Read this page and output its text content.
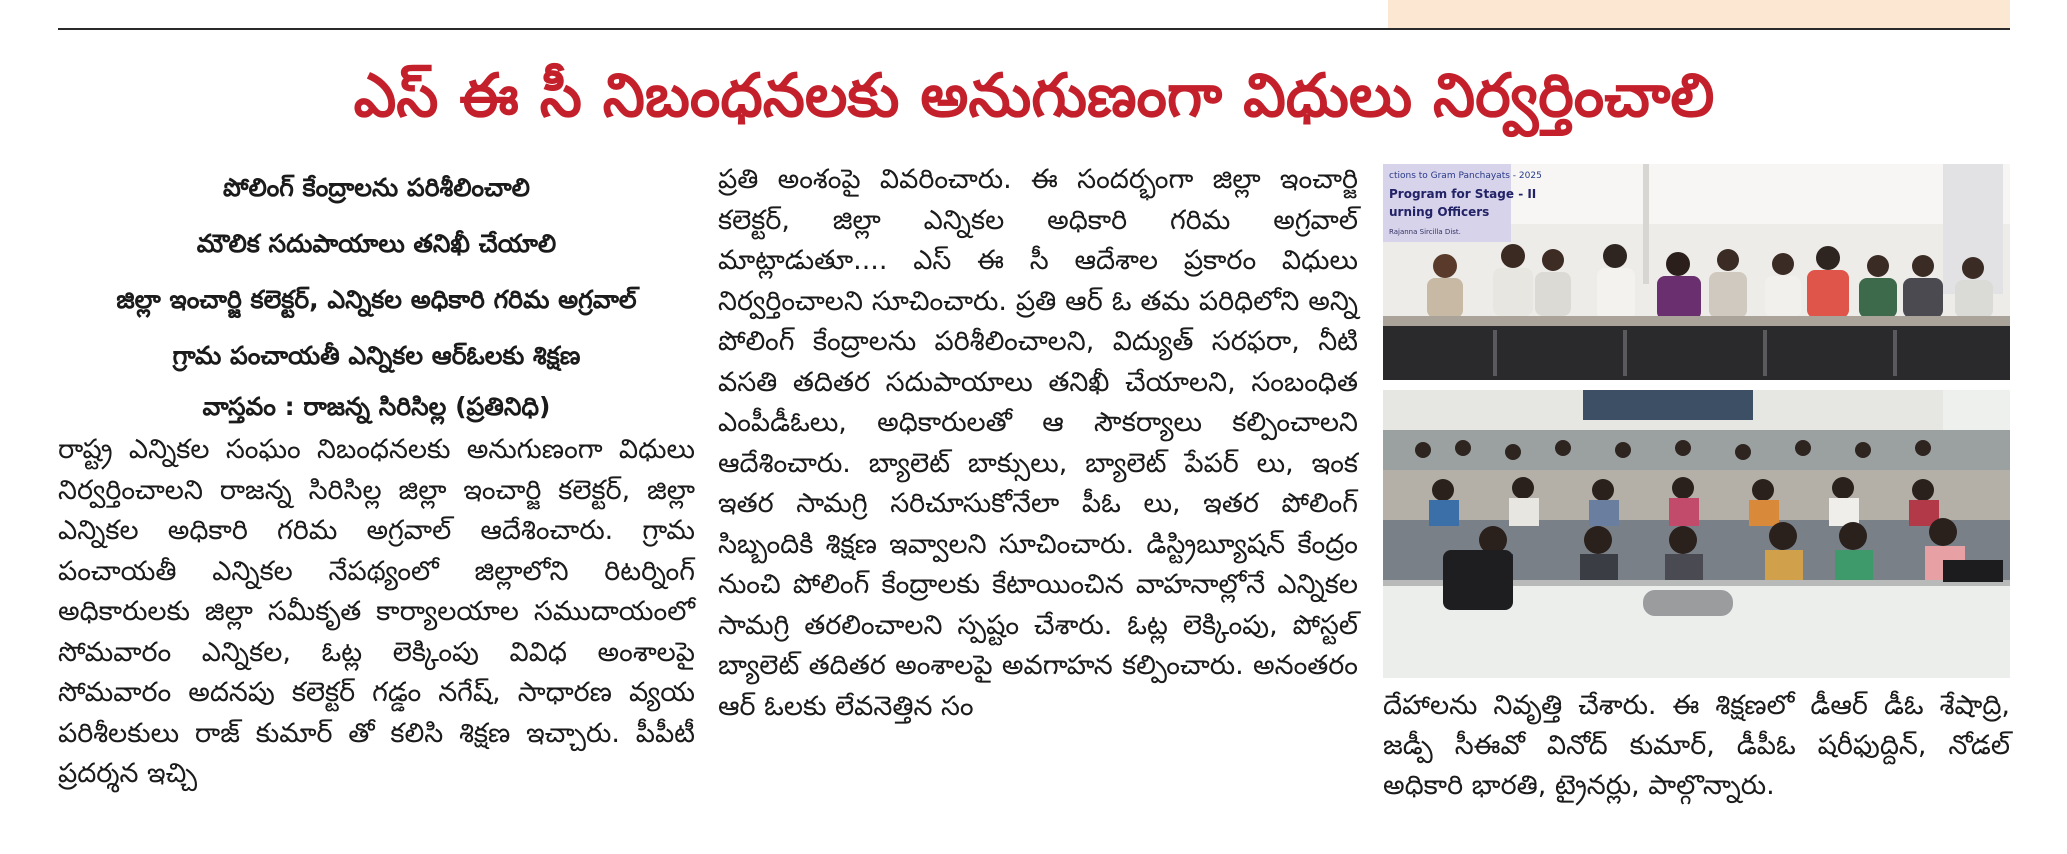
ఎస్ ఈ సీ నిబంధనలకు అనుగుణంగా విధులు నిర్వర్తించాలి
పోలింగ్ కేంద్రాలను పరిశీలించాలి
మౌలిక సదుపాయాలు తనిఖీ చేయాలి
జిల్లా ఇంచార్జి కలెక్టర్, ఎన్నికల అధికారి గరిమ అగ్రవాల్
గ్రామ పంచాయతీ ఎన్నికల ఆర్ఓలకు శిక్షణ
వాస్తవం : రాజన్న సిరిసిల్ల (ప్రతినిధి)
రాష్ట్ర ఎన్నికల సంఘం నిబంధనలకు అనుగుణంగా విధులు నిర్వర్తించాలని రాజన్న సిరిసిల్ల జిల్లా ఇంచార్జి కలెక్టర్, జిల్లా ఎన్నికల అధికారి గరిమ అగ్రవాల్ ఆదేశించారు. గ్రామ పంచాయతీ ఎన్నికల నేపథ్యంలో జిల్లాలోని రిటర్నింగ్ అధికారులకు జిల్లా సమీకృత కార్యాలయాల సముదాయంలో సోమవారం ఎన్నికల, ఓట్ల లెక్కింపు వివిధ అంశాలపై సోమవారం అదనపు కలెక్టర్ గడ్డం నగేష్, సాధారణ వ్యయ పరిశీలకులు రాజ్ కుమార్ తో కలిసి శిక్షణ ఇచ్చారు. పీపీటీ ప్రదర్శన ఇచ్చి
ప్రతి అంశంపై వివరించారు. ఈ సందర్భంగా జిల్లా ఇంచార్జి కలెక్టర్, జిల్లా ఎన్నికల అధికారి గరిమ అగ్రవాల్ మాట్లాడుతూ.... ఎస్ ఈ సీ ఆదేశాల ప్రకారం విధులు నిర్వర్తించాలని సూచించారు. ప్రతి ఆర్ ఓ తమ పరిధిలోని అన్ని పోలింగ్ కేంద్రాలను పరిశీలించాలని, విద్యుత్ సరఫరా, నీటి వసతి తదితర సదుపాయాలు తనిఖీ చేయాలని, సంబంధిత ఎంపీడీఓలు, అధికారులతో ఆ సౌకర్యాలు కల్పించాలని ఆదేశించారు. బ్యాలెట్ బాక్సులు, బ్యాలెట్ పేపర్ లు, ఇంక ఇతర సామగ్రి సరిచూసుకోనేలా పీఓ లు, ఇతర పోలింగ్ సిబ్బందికి శిక్షణ ఇవ్వాలని సూచించారు. డిస్ట్రిబ్యూషన్ కేంద్రం నుంచి పోలింగ్ కేంద్రాలకు కేటాయించిన వాహనాల్లోనే ఎన్నికల సామగ్రి తరలించాలని స్పష్టం చేశారు. ఓట్ల లెక్కింపు, పోస్టల్ బ్యాలెట్ తదితర అంశాలపై అవగాహన కల్పించారు. అనంతరం ఆర్ ఓలకు లేవనెత్తిన సం
ctions to Gram Panchayats - 2025
Program for Stage - II
urning Officers
Rajanna Sircilla Dist.
దేహాలను నివృత్తి చేశారు. ఈ శిక్షణలో డీఆర్ డీఓ శేషాద్రి, జడ్పీ సీఈవో వినోద్ కుమార్, డీపీఓ షరీఫుద్దిన్, నోడల్ అధికారి భారతి, ట్రైనర్లు, పాల్గొన్నారు.
